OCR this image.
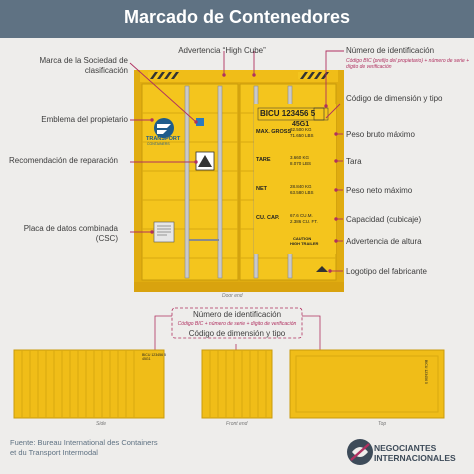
Marcado de Contenedores
Marca de la Sociedad de clasificación
Emblema del propietario
Recomendación de reparación
Placa de datos combinada (CSC)
Advertencia “High Cube”	Número de identificación
Código BIC (prefijo del propietario) + número de serie + dígito de verificación
Código de dimensión y tipo
Peso bruto máximo
Tara
Peso neto máximo
Capacidad (cubicaje)
Advertencia de altura
Logotipo del fabricante
BICU 123456 5
45G1
TRANSPORT
CONTAINERS
MAX. GROSS
32.500 KG
71.650 LBS
TARE	3.660 KG
8.070 LBS
NET	28.840 KG
63.580 LBS
CU. CAP. 67.6 CU.M.
2.386 CU. FT.
CAUTION
HIGH TRAILER
Door end
Side	Front end	Top
BICU 123456 5
45G1
BICU 123456 5
Número de identificación
Código BIC + número de serie + dígito de verificación
Código de dimensión y tipo
Fuente: Bureau International des Containers
et du Transport Intermodal	NEGOCIANTES
INTERNACIONALES
